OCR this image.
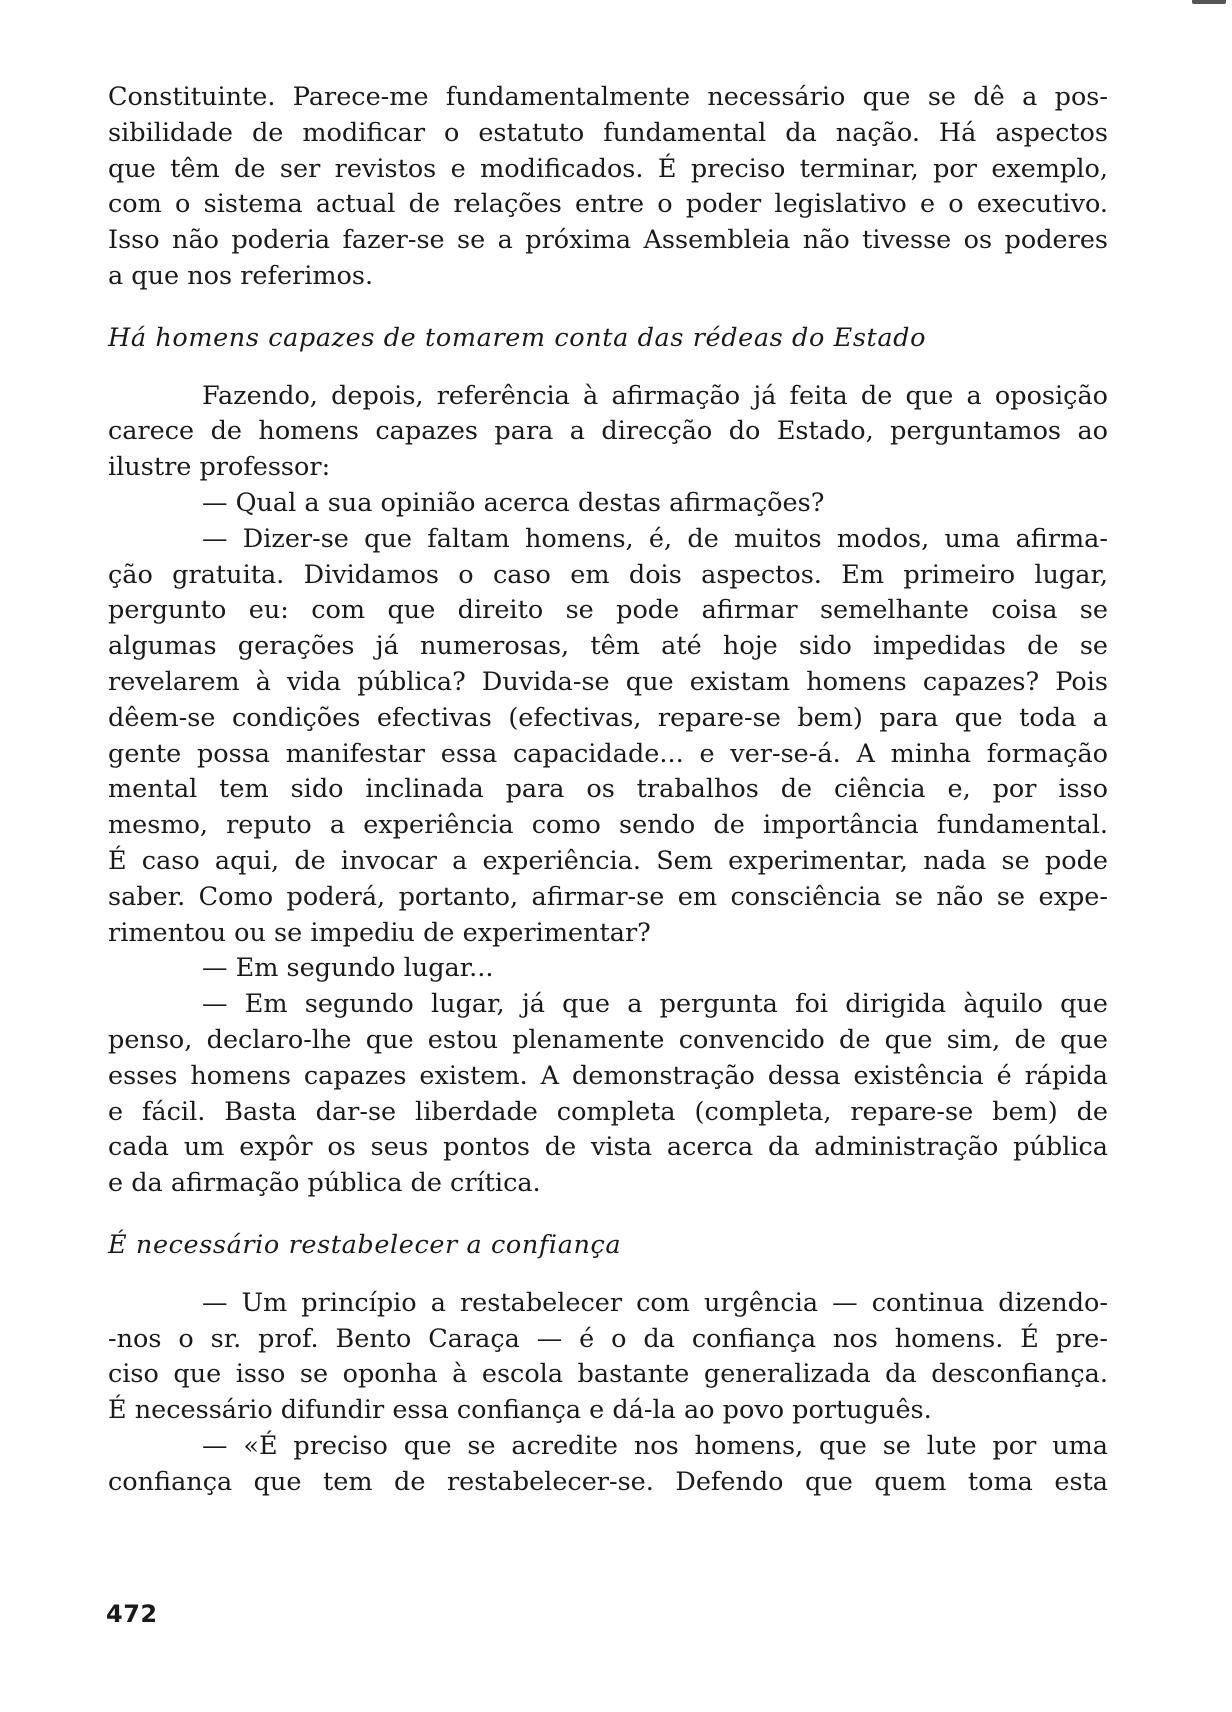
Constituinte. Parece-me fundamentalmente necessário que se dê a pos-
sibilidade de modificar o estatuto fundamental da nação. Há aspectos
que têm de ser revistos e modificados. É preciso terminar, por exemplo,
com o sistema actual de relações entre o poder legislativo e o executivo.
Isso não poderia fazer-se se a próxima Assembleia não tivesse os poderes
a que nos referimos.

Há homens capazes de tomarem conta das rédeas do Estado

Fazendo, depois, referência à afirmação já feita de que a oposição
carece de homens capazes para a direcção do Estado, perguntamos ao
ilustre professor:
— Qual a sua opinião acerca destas afirmações?
— Dizer-se que faltam homens, é, de muitos modos, uma afirma-
ção gratuita. Dividamos o caso em dois aspectos. Em primeiro lugar,
pergunto eu: com que direito se pode afirmar semelhante coisa se
algumas gerações já numerosas, têm até hoje sido impedidas de se
revelarem à vida pública? Duvida-se que existam homens capazes? Pois
dêem-se condições efectivas (efectivas, repare-se bem) para que toda a
gente possa manifestar essa capacidade... e ver-se-á. A minha formação
mental tem sido inclinada para os trabalhos de ciência e, por isso
mesmo, reputo a experiência como sendo de importância fundamental.
É caso aqui, de invocar a experiência. Sem experimentar, nada se pode
saber. Como poderá, portanto, afirmar-se em consciência se não se expe-
rimentou ou se impediu de experimentar?
— Em segundo lugar...
— Em segundo lugar, já que a pergunta foi dirigida àquilo que
penso, declaro-lhe que estou plenamente convencido de que sim, de que
esses homens capazes existem. A demonstração dessa existência é rápida
e fácil. Basta dar-se liberdade completa (completa, repare-se bem) de
cada um expôr os seus pontos de vista acerca da administração pública
e da afirmação pública de crítica.

É necessário restabelecer a confiança

— Um princípio a restabelecer com urgência — continua dizendo-
-nos o sr. prof. Bento Caraça — é o da confiança nos homens. É pre-
ciso que isso se oponha à escola bastante generalizada da desconfiança.
É necessário difundir essa confiança e dá-la ao povo português.
— «É preciso que se acredite nos homens, que se lute por uma
confiança que tem de restabelecer-se. Defendo que quem toma esta

472
